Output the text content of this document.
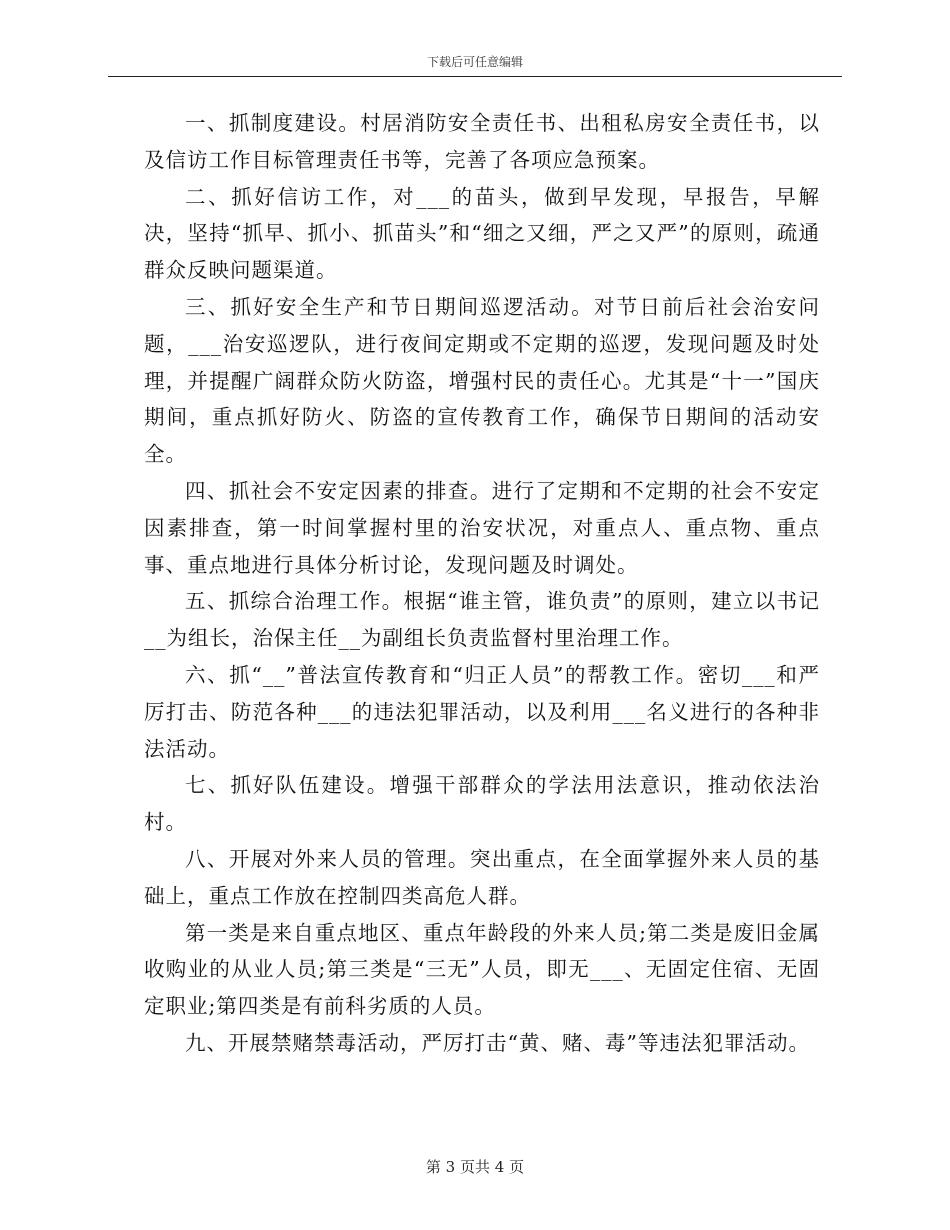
下载后可任意编辑

一、抓制度建设。村居消防安全责任书、出租私房安全责任书，以及信访工作目标管理责任书等，完善了各项应急预案。

二、抓好信访工作，对___的苗头，做到早发现，早报告，早解决，坚持“抓早、抓小、抓苗头”和“细之又细，严之又严”的原则，疏通群众反映问题渠道。

三、抓好安全生产和节日期间巡逻活动。对节日前后社会治安问题，___治安巡逻队，进行夜间定期或不定期的巡逻，发现问题及时处理，并提醒广阔群众防火防盗，增强村民的责任心。尤其是“十一”国庆期间，重点抓好防火、防盗的宣传教育工作，确保节日期间的活动安全。

四、抓社会不安定因素的排查。进行了定期和不定期的社会不安定因素排查，第一时间掌握村里的治安状况，对重点人、重点物、重点事、重点地进行具体分析讨论，发现问题及时调处。

五、抓综合治理工作。根据“谁主管，谁负责”的原则，建立以书记__为组长，治保主任__为副组长负责监督村里治理工作。

六、抓“__”普法宣传教育和“归正人员”的帮教工作。密切___和严厉打击、防范各种___的违法犯罪活动，以及利用___名义进行的各种非法活动。

七、抓好队伍建设。增强干部群众的学法用法意识，推动依法治村。

八、开展对外来人员的管理。突出重点，在全面掌握外来人员的基础上，重点工作放在控制四类高危人群。

第一类是来自重点地区、重点年龄段的外来人员;第二类是废旧金属收购业的从业人员;第三类是“三无”人员，即无___、无固定住宿、无固定职业;第四类是有前科劣质的人员。

九、开展禁赌禁毒活动，严厉打击“黄、赌、毒”等违法犯罪活动。

第 3 页共 4 页
